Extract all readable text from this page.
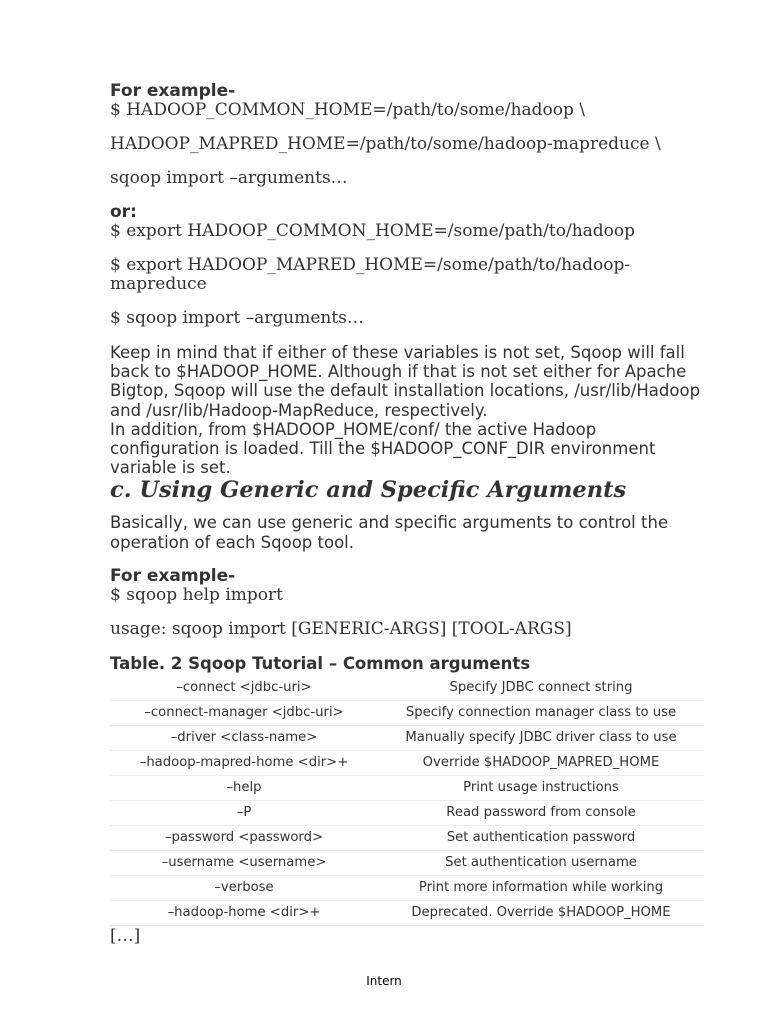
For example-

$ HADOOP_COMMON_HOME=/path/to/some/hadoop \

HADOOP_MAPRED_HOME=/path/to/some/hadoop-mapreduce \

sqoop import –arguments…

or:

$ export HADOOP_COMMON_HOME=/some/path/to/hadoop

$ export HADOOP_MAPRED_HOME=/some/path/to/hadoop-mapreduce

$ sqoop import –arguments…

Keep in mind that if either of these variables is not set, Sqoop will fall back to $HADOOP_HOME. Although if that is not set either for Apache Bigtop, Sqoop will use the default installation locations, /usr/lib/Hadoop and /usr/lib/Hadoop-MapReduce, respectively.

In addition, from $HADOOP_HOME/conf/ the active Hadoop configuration is loaded. Till the $HADOOP_CONF_DIR environment variable is set.

c. Using Generic and Specific Arguments

Basically, we can use generic and specific arguments to control the operation of each Sqoop tool.

For example-

$ sqoop help import

usage: sqoop import [GENERIC-ARGS] [TOOL-ARGS]

Table. 2 Sqoop Tutorial – Common arguments

–connect <jdbc-uri>	Specify JDBC connect string
–connect-manager <jdbc-uri>	Specify connection manager class to use
–driver <class-name>	Manually specify JDBC driver class to use
–hadoop-mapred-home <dir>+	Override $HADOOP_MAPRED_HOME
–help	Print usage instructions
–P	Read password from console
–password <password>	Set authentication password
–username <username>	Set authentication username
–verbose	Print more information while working
–hadoop-home <dir>+	Deprecated. Override $HADOOP_HOME

[…]

Intern
